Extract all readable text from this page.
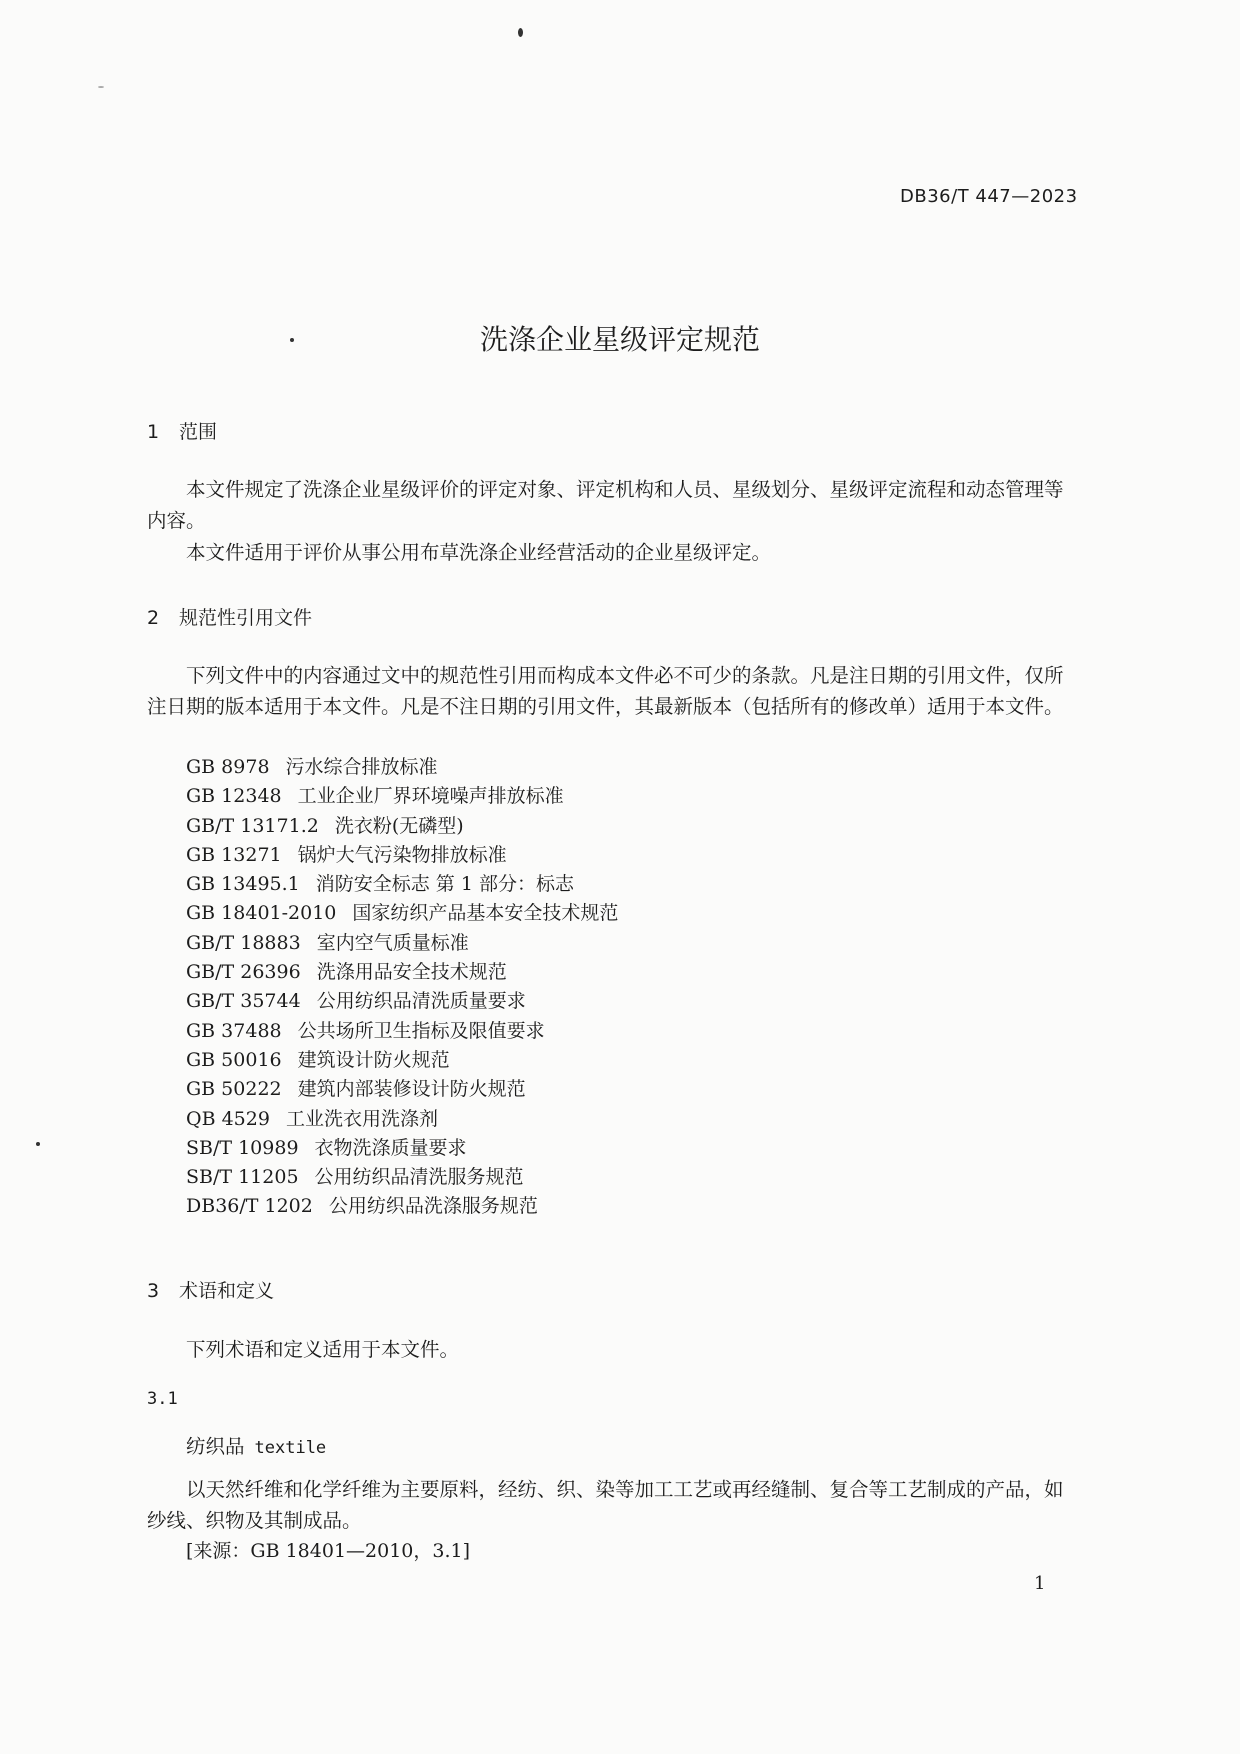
DB36/T 447—2023
洗涤企业星级评定规范
1 范围

本文件规定了洗涤企业星级评价的评定对象、评定机构和人员、星级划分、星级评定流程和动态管理等内容。

本文件适用于评价从事公用布草洗涤企业经营活动的企业星级评定。

2 规范性引用文件

下列文件中的内容通过文中的规范性引用而构成本文件必不可少的条款。凡是注日期的引用文件，仅所注日期的版本适用于本文件。凡是不注日期的引用文件，其最新版本（包括所有的修改单）适用于本文件。

GB 8978 污水综合排放标准
GB 12348 工业企业厂界环境噪声排放标准
GB/T 13171.2 洗衣粉(无磷型)
GB 13271 锅炉大气污染物排放标准
GB 13495.1 消防安全标志 第 1 部分：标志
GB 18401-2010 国家纺织产品基本安全技术规范
GB/T 18883 室内空气质量标准
GB/T 26396 洗涤用品安全技术规范
GB/T 35744 公用纺织品清洗质量要求
GB 37488 公共场所卫生指标及限值要求
GB 50016 建筑设计防火规范
GB 50222 建筑内部装修设计防火规范
QB 4529 工业洗衣用洗涤剂
SB/T 10989 衣物洗涤质量要求
SB/T 11205 公用纺织品清洗服务规范
DB36/T 1202 公用纺织品洗涤服务规范
3 术语和定义

下列术语和定义适用于本文件。

3.1
纺织品 textile

以天然纤维和化学纤维为主要原料，经纺、织、染等加工工艺或再经缝制、复合等工艺制成的产品，如纱线、织物及其制成品。

[来源：GB 18401—2010，3.1]
1
